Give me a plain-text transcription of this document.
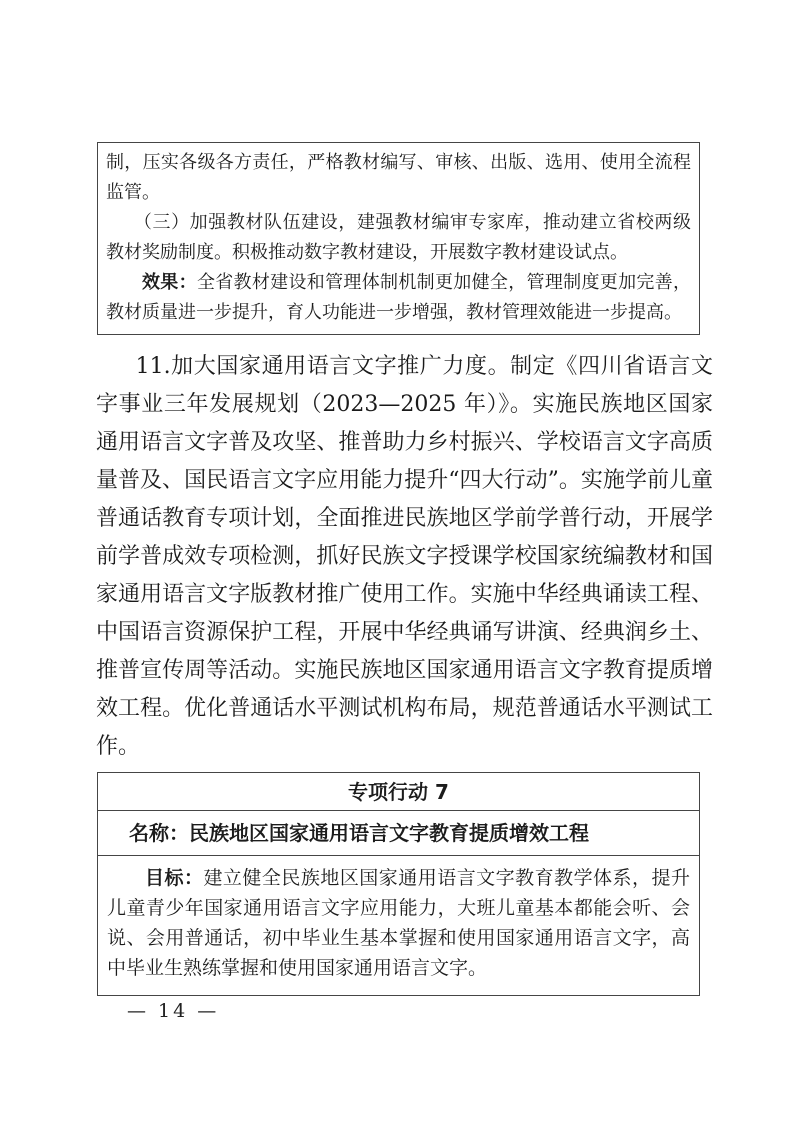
制，压实各级各方责任，严格教材编写、审核、出版、选用、使用全流程监管。

（三）加强教材队伍建设，建强教材编审专家库，推动建立省校两级教材奖励制度。积极推动数字教材建设，开展数字教材建设试点。

效果：全省教材建设和管理体制机制更加健全，管理制度更加完善，教材质量进一步提升，育人功能进一步增强，教材管理效能进一步提高。

11.加大国家通用语言文字推广力度。制定《四川省语言文字事业三年发展规划（2023—2025 年）》。实施民族地区国家通用语言文字普及攻坚、推普助力乡村振兴、学校语言文字高质量普及、国民语言文字应用能力提升“四大行动”。实施学前儿童普通话教育专项计划，全面推进民族地区学前学普行动，开展学前学普成效专项检测，抓好民族文字授课学校国家统编教材和国家通用语言文字版教材推广使用工作。实施中华经典诵读工程、中国语言资源保护工程，开展中华经典诵写讲演、经典润乡土、推普宣传周等活动。实施民族地区国家通用语言文字教育提质增效工程。优化普通话水平测试机构布局，规范普通话水平测试工作。

专项行动 7
名称：民族地区国家通用语言文字教育提质增效工程

目标：建立健全民族地区国家通用语言文字教育教学体系，提升儿童青少年国家通用语言文字应用能力，大班儿童基本都能会听、会说、会用普通话，初中毕业生基本掌握和使用国家通用语言文字，高中毕业生熟练掌握和使用国家通用语言文字。

— 14 —
